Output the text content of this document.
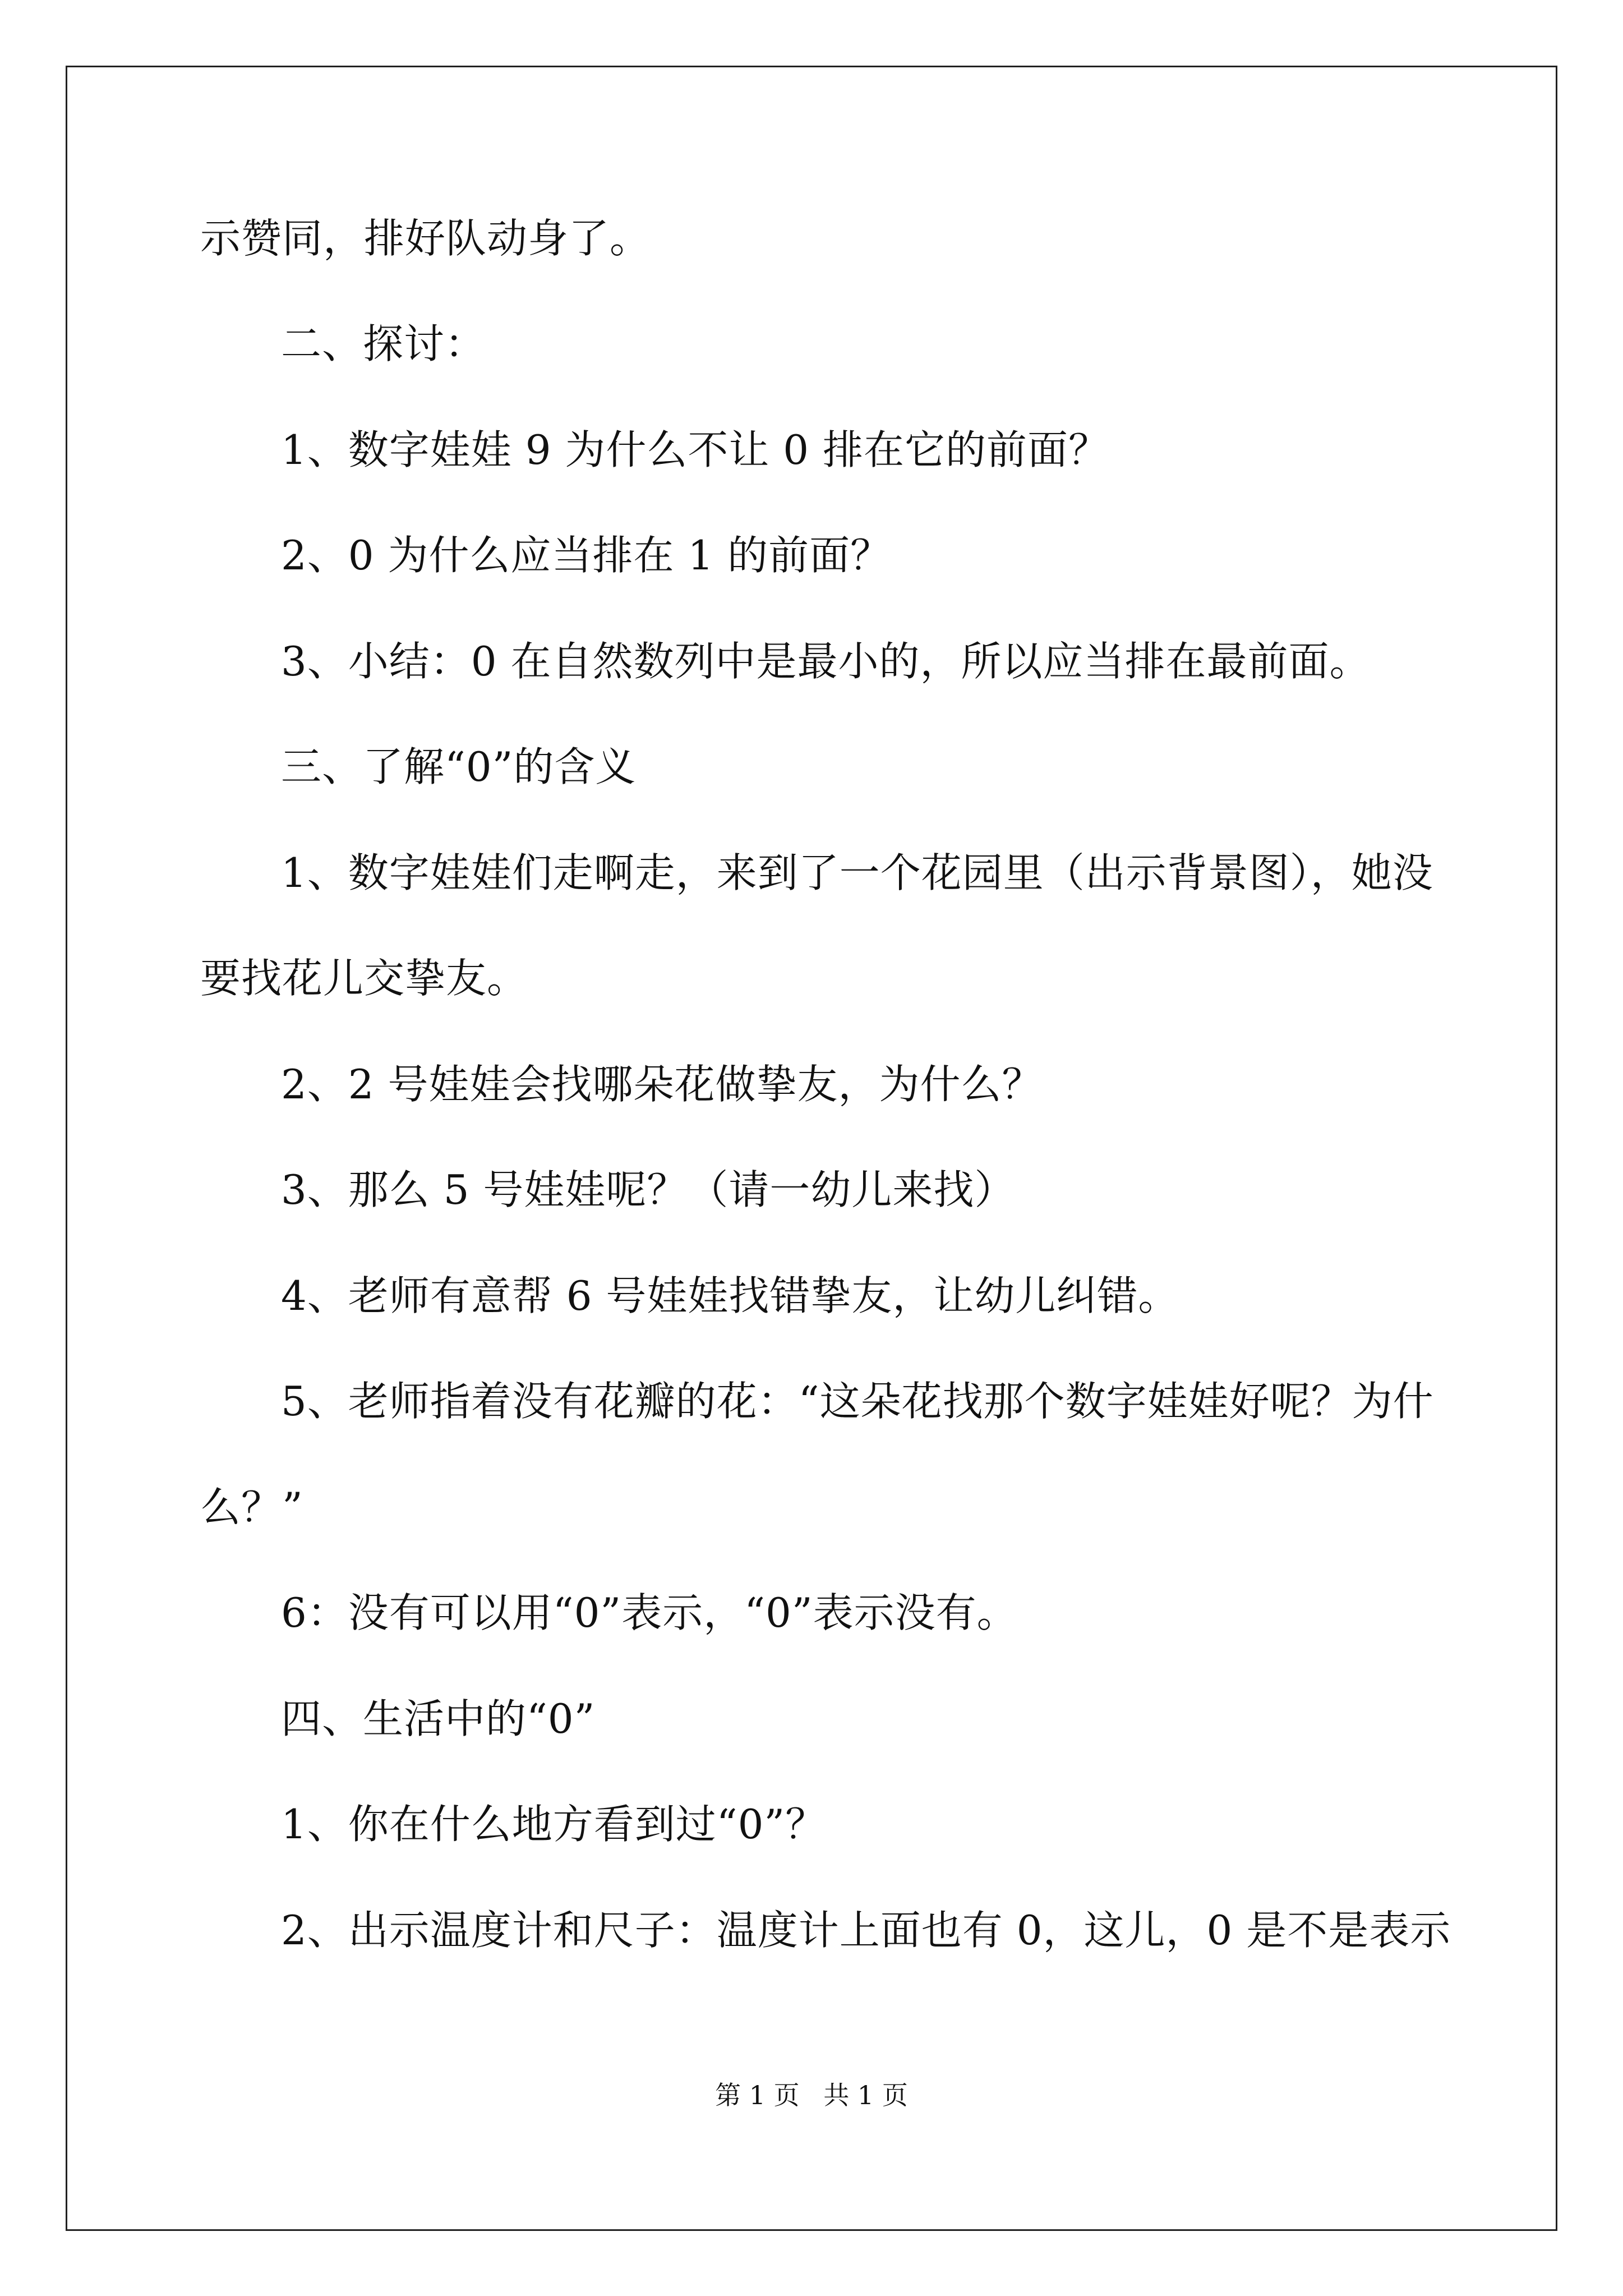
示赞同，排好队动身了。
二、探讨：
1、数字娃娃 9 为什么不让 0 排在它的前面？
2、0 为什么应当排在 1 的前面？
3、小结：0 在自然数列中是最小的，所以应当排在最前面。
三、了解“0”的含义
1、数字娃娃们走啊走，来到了一个花园里（出示背景图），她没
要找花儿交挚友。
2、2 号娃娃会找哪朵花做挚友，为什么？
3、那么 5 号娃娃呢？（请一幼儿来找）
4、老师有意帮 6 号娃娃找错挚友，让幼儿纠错。
5、老师指着没有花瓣的花：“这朵花找那个数字娃娃好呢？为什
么？”
6：没有可以用“0”表示，“0”表示没有。
四、生活中的“0”
1、你在什么地方看到过“0”？
2、出示温度计和尺子：温度计上面也有 0，这儿，0 是不是表示
第 1 页 共 1 页
